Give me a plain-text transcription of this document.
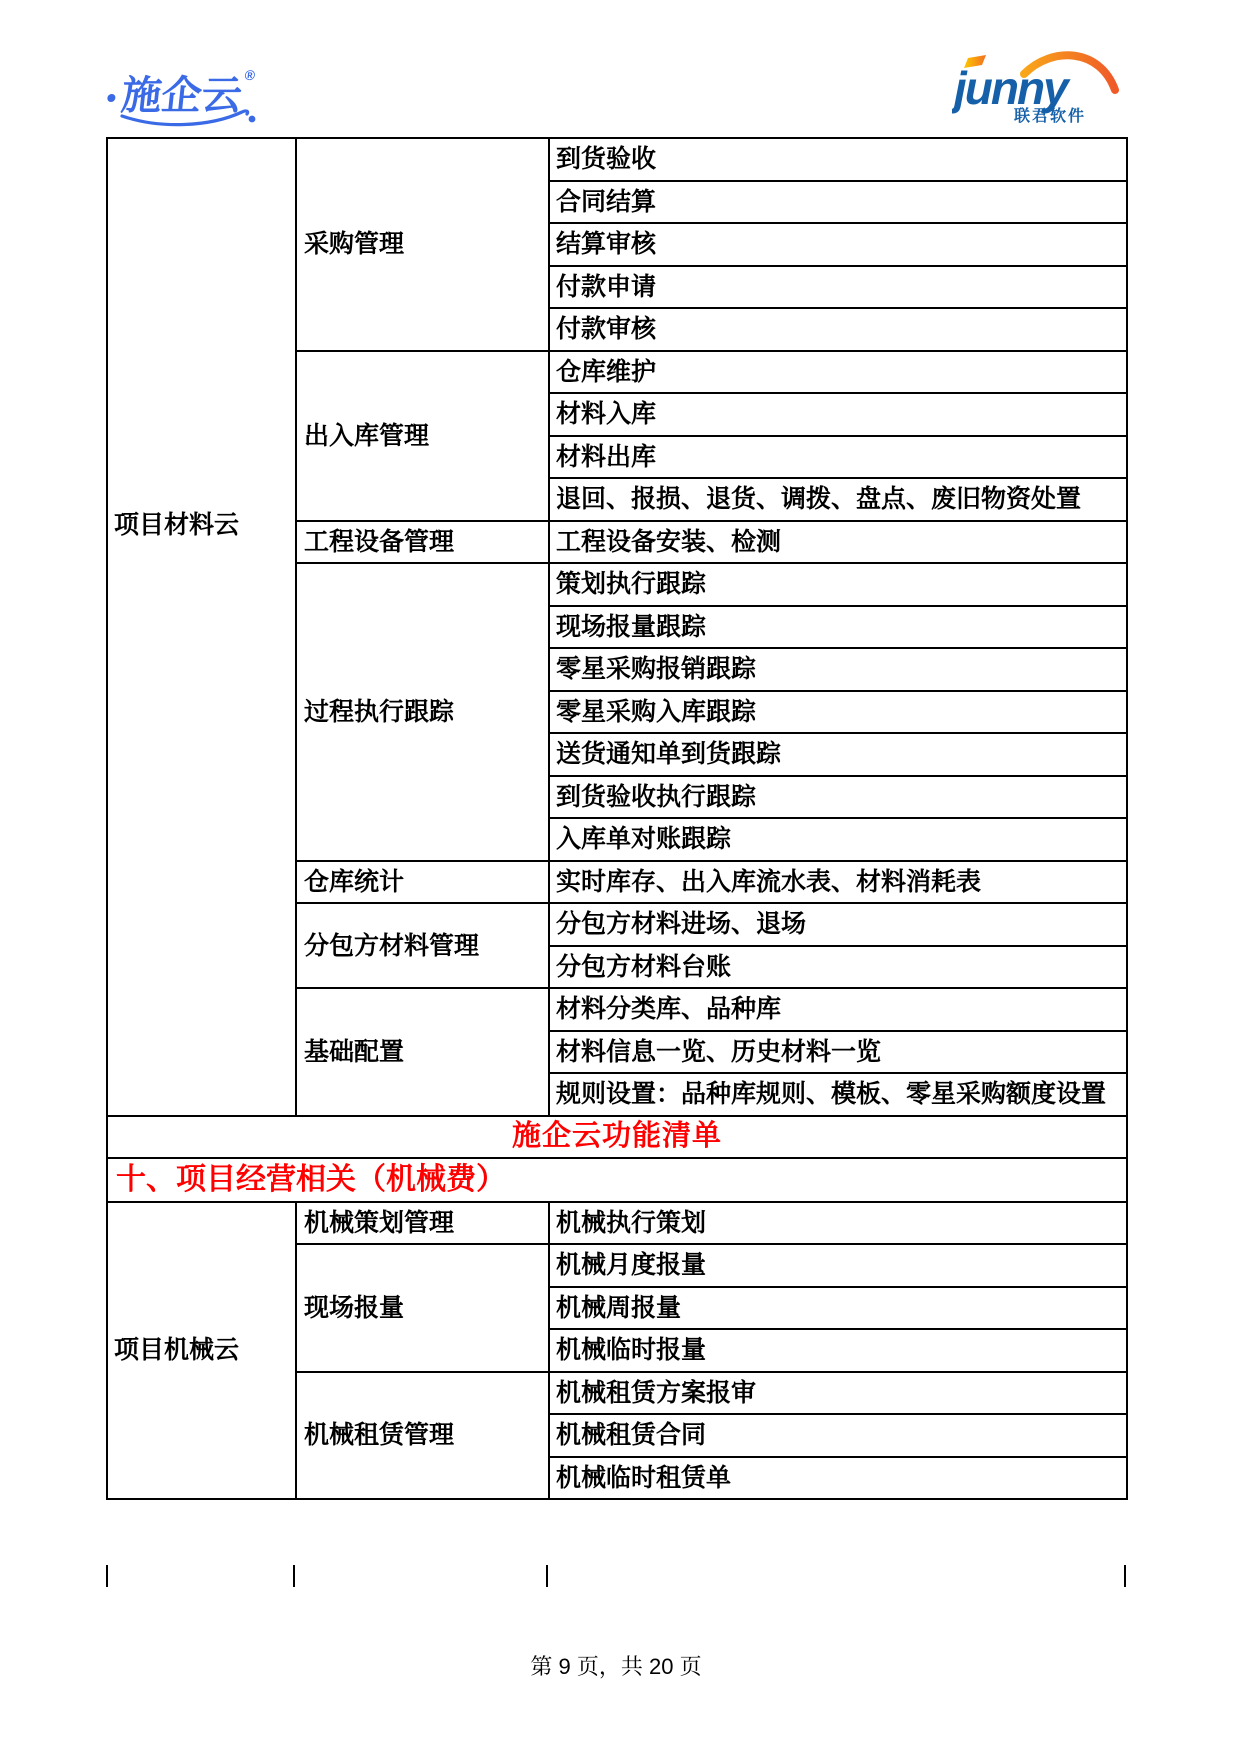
施企云 ®	junny
联君软件
项目材料云	采购管理	到货验收
		合同结算
		结算审核
		付款申请
		付款审核
	出入库管理	仓库维护
		材料入库
		材料出库
		退回、报损、退货、调拨、盘点、废旧物资处置
	工程设备管理	工程设备安装、检测
	过程执行跟踪	策划执行跟踪
		现场报量跟踪
		零星采购报销跟踪
		零星采购入库跟踪
		送货通知单到货跟踪
		到货验收执行跟踪
		入库单对账跟踪
	仓库统计	实时库存、出入库流水表、材料消耗表
	分包方材料管理	分包方材料进场、退场
		分包方材料台账
	基础配置	材料分类库、品种库
		材料信息一览、历史材料一览
		规则设置：品种库规则、模板、零星采购额度设置
施企云功能清单		
十、项目经营相关（机械费）		
项目机械云	机械策划管理	机械执行策划
	现场报量	机械月度报量
		机械周报量
		机械临时报量
	机械租赁管理	机械租赁方案报审
		机械租赁合同
		机械临时租赁单
第 9 页，共 20 页
